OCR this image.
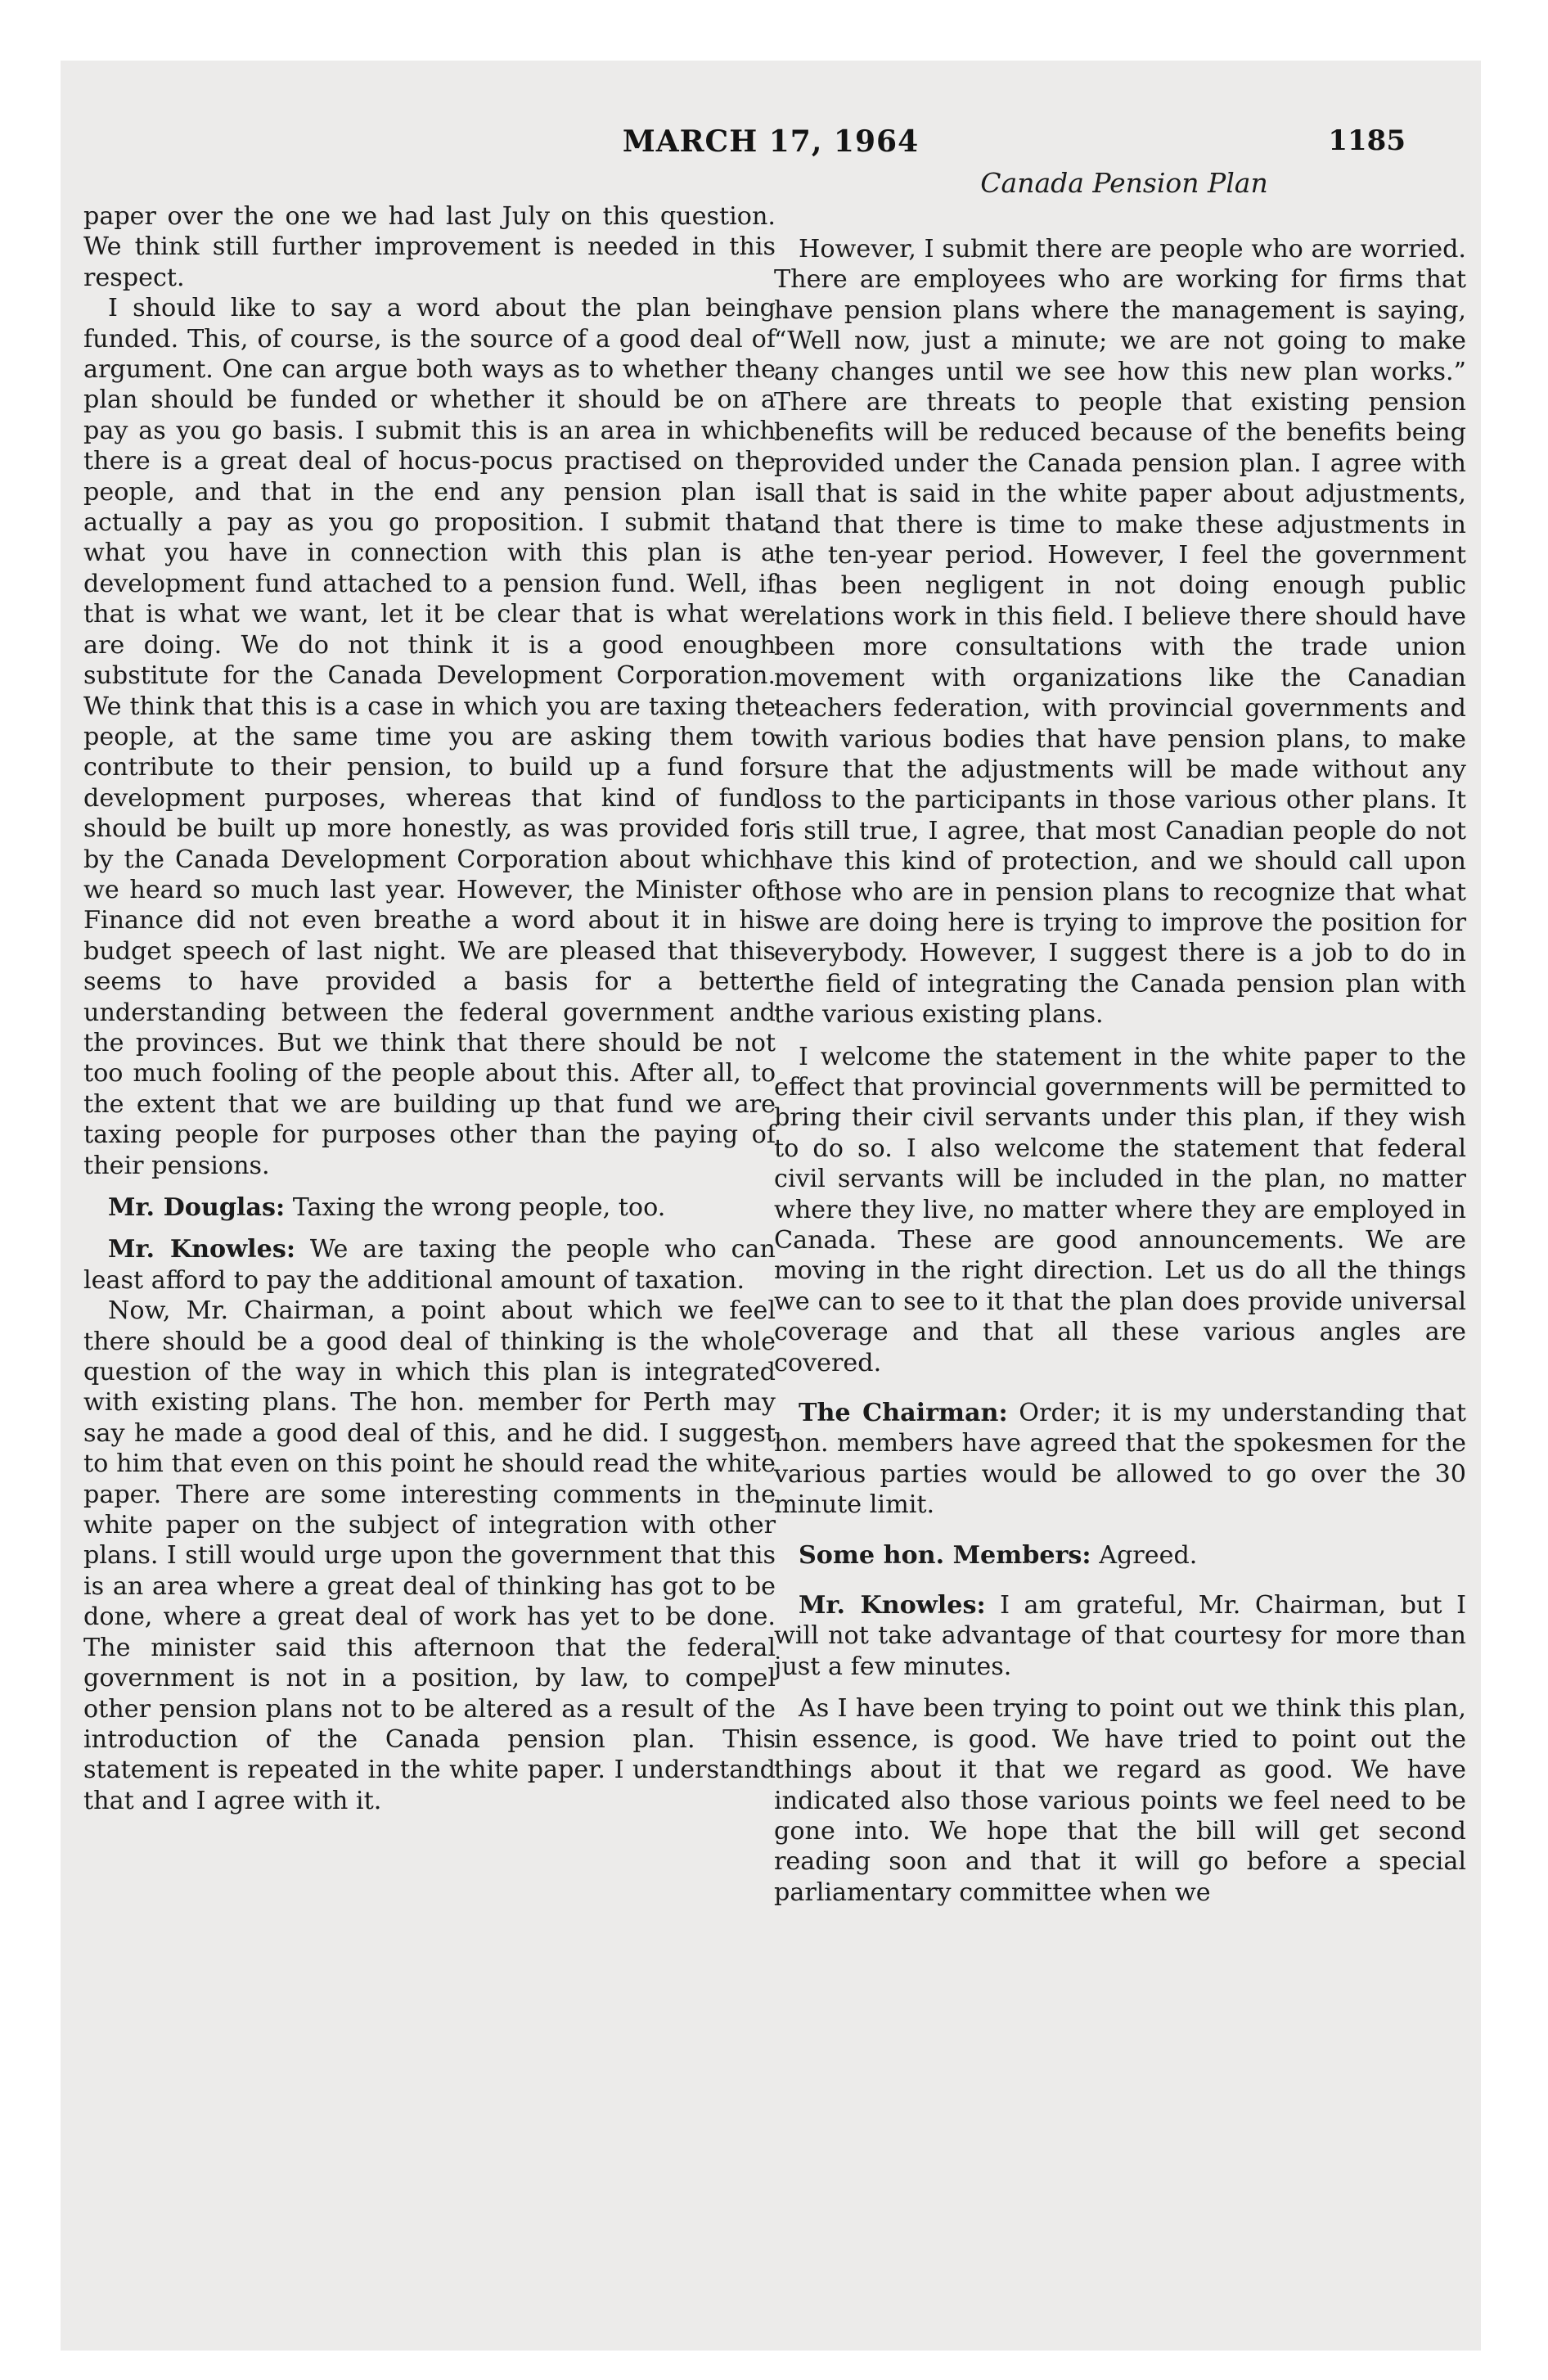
MARCH 17, 1964	1185
Canada Pension Plan

paper over the one we had last July on this question. We think still further improvement is needed in this respect.

I should like to say a word about the plan being funded. This, of course, is the source of a good deal of argument. One can argue both ways as to whether the plan should be funded or whether it should be on a pay as you go basis. I submit this is an area in which there is a great deal of hocus-pocus practised on the people, and that in the end any pension plan is actually a pay as you go proposition. I submit that what you have in connection with this plan is a development fund attached to a pension fund. Well, if that is what we want, let it be clear that is what we are doing. We do not think it is a good enough substitute for the Canada Development Corporation. We think that this is a case in which you are taxing the people, at the same time you are asking them to contribute to their pension, to build up a fund for development purposes, whereas that kind of fund should be built up more honestly, as was provided for by the Canada Development Corporation about which we heard so much last year. However, the Minister of Finance did not even breathe a word about it in his budget speech of last night. We are pleased that this seems to have provided a basis for a better understanding between the federal government and the provinces. But we think that there should be not too much fooling of the people about this. After all, to the extent that we are building up that fund we are taxing people for purposes other than the paying of their pensions.

Mr. Douglas: Taxing the wrong people, too.

Mr. Knowles: We are taxing the people who can least afford to pay the additional amount of taxation.

Now, Mr. Chairman, a point about which we feel there should be a good deal of thinking is the whole question of the way in which this plan is integrated with existing plans. The hon. member for Perth may say he made a good deal of this, and he did. I suggest to him that even on this point he should read the white paper. There are some interesting comments in the white paper on the subject of integration with other plans. I still would urge upon the government that this is an area where a great deal of thinking has got to be done, where a great deal of work has yet to be done. The minister said this afternoon that the federal government is not in a position, by law, to compel other pension plans not to be altered as a result of the introduction of the Canada pension plan. This statement is repeated in the white paper. I understand that and I agree with it.

However, I submit there are people who are worried. There are employees who are working for firms that have pension plans where the management is saying, “Well now, just a minute; we are not going to make any changes until we see how this new plan works.” There are threats to people that existing pension benefits will be reduced because of the benefits being provided under the Canada pension plan. I agree with all that is said in the white paper about adjustments, and that there is time to make these adjustments in the ten-year period. However, I feel the government has been negligent in not doing enough public relations work in this field. I believe there should have been more consultations with the trade union movement with organizations like the Canadian teachers federation, with provincial governments and with various bodies that have pension plans, to make sure that the adjustments will be made without any loss to the participants in those various other plans. It is still true, I agree, that most Canadian people do not have this kind of protection, and we should call upon those who are in pension plans to recognize that what we are doing here is trying to improve the position for everybody. However, I suggest there is a job to do in the field of integrating the Canada pension plan with the various existing plans.

I welcome the statement in the white paper to the effect that provincial governments will be permitted to bring their civil servants under this plan, if they wish to do so. I also welcome the statement that federal civil servants will be included in the plan, no matter where they live, no matter where they are employed in Canada. These are good announcements. We are moving in the right direction. Let us do all the things we can to see to it that the plan does provide universal coverage and that all these various angles are covered.

The Chairman: Order; it is my understanding that hon. members have agreed that the spokesmen for the various parties would be allowed to go over the 30 minute limit.

Some hon. Members: Agreed.

Mr. Knowles: I am grateful, Mr. Chairman, but I will not take advantage of that courtesy for more than just a few minutes.

As I have been trying to point out we think this plan, in essence, is good. We have tried to point out the things about it that we regard as good. We have indicated also those various points we feel need to be gone into. We hope that the bill will get second reading soon and that it will go before a special parliamentary committee when we
